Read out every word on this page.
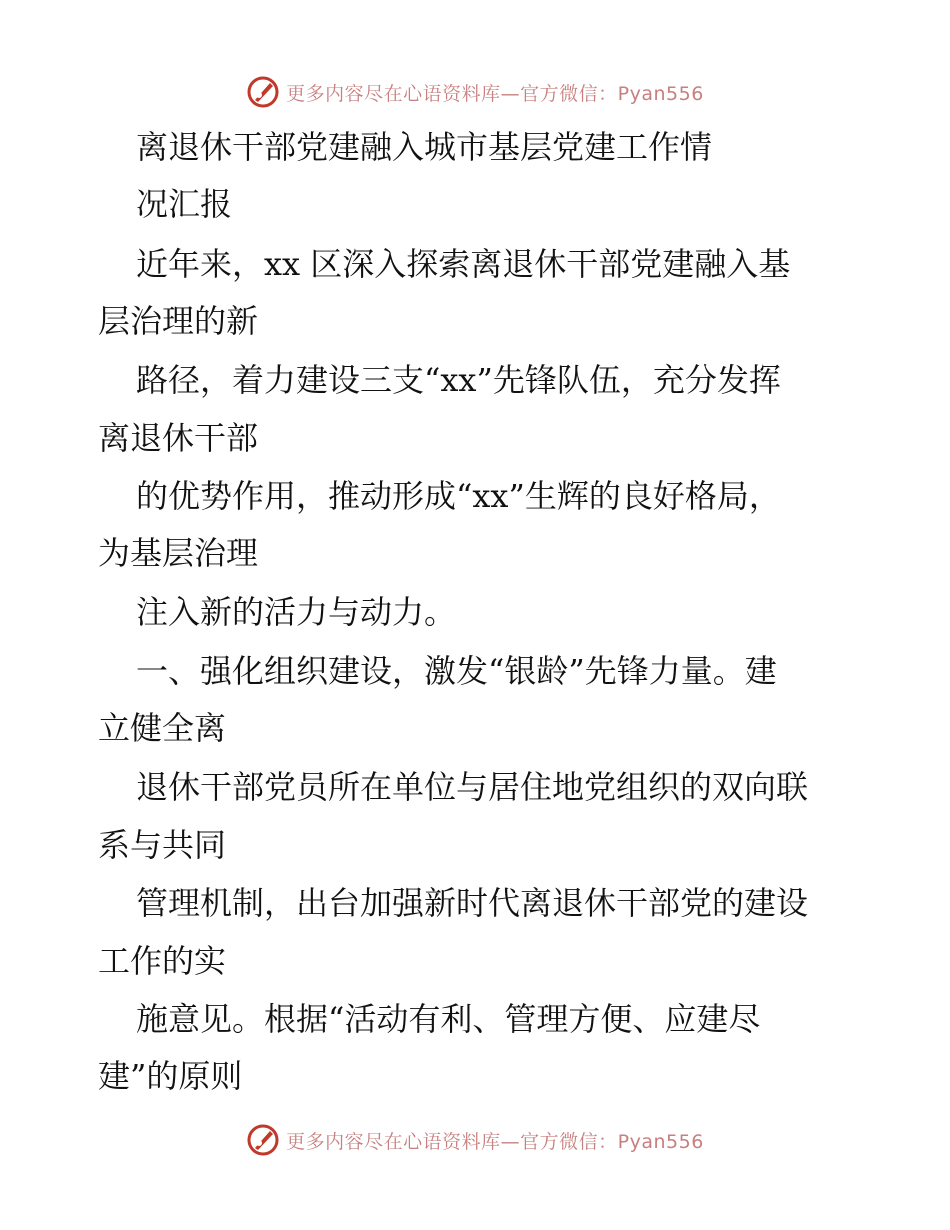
更多内容尽在心语资料库—官方微信：Pyan556
离退休干部党建融入城市基层党建工作情
况汇报
近年来，xx 区深入探索离退休干部党建融入基
层治理的新
路径，着力建设三支“xx”先锋队伍，充分发挥
离退休干部
的优势作用，推动形成“xx”生辉的良好格局，
为基层治理
注入新的活力与动力。
一、强化组织建设，激发“银龄”先锋力量。建
立健全离
退休干部党员所在单位与居住地党组织的双向联
系与共同
管理机制，出台加强新时代离退休干部党的建设
工作的实
施意见。根据“活动有利、管理方便、应建尽
建”的原则
更多内容尽在心语资料库—官方微信：Pyan556
